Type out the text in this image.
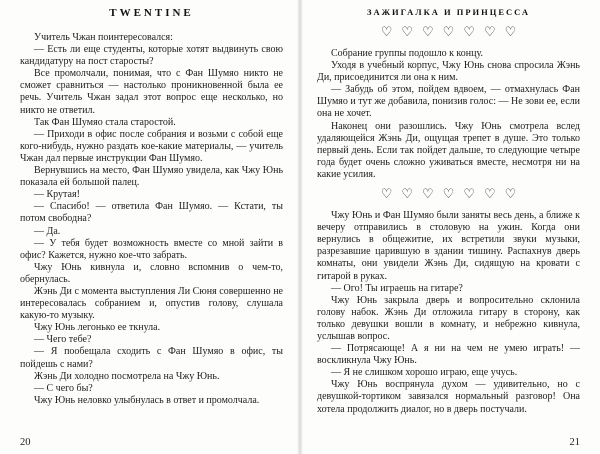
TWENTINE

Учитель Чжан поинтересовался:

— Есть ли еще студенты, которые хотят выдвинуть свою кандидатуру на пост старосты?

Все промолчали, понимая, что с Фан Шумяо никто не сможет сравниться — настолько проникновенной была ее речь. Учитель Чжан задал этот вопрос еще несколько, но никто не ответил.

Так Фан Шумяо стала старостой.

— Приходи в офис после собрания и возьми с собой еще кого-нибудь, нужно раздать кое-какие материалы, — учитель Чжан дал первые инструкции Фан Шумяо.

Вернувшись на место, Фан Шумяо увидела, как Чжу Юнь показала ей большой палец.

— Крутая!

— Спасибо! — ответила Фан Шумяо. — Кстати, ты потом свободна?

— Да.

— У тебя будет возможность вместе со мной зайти в офис? Кажется, нужно кое-что забрать.

Чжу Юнь кивнула и, словно вспомнив о чем-то, обернулась.

Жэнь Ди с момента выступления Ли Сюня совершенно не интересовалась собранием и, опустив голову, слушала какую-то музыку.

Чжу Юнь легонько ее ткнула.

— Чего тебе?

— Я пообещала сходить с Фан Шумяо в офис, ты пойдешь с нами?

Жэнь Ди холодно посмотрела на Чжу Юнь.

— С чего бы?

Чжу Юнь неловко улыбнулась в ответ и промолчала.

20
ЗАЖИГАЛКА И ПРИНЦЕССА
♡♡♡♡♡♡♡

Собрание группы подошло к концу.

Уходя в учебный корпус, Чжу Юнь снова спросила Жэнь Ди, присоединится ли она к ним.

— Забудь об этом, пойдем вдвоем, — отмахнулась Фан Шумяо и тут же добавила, понизив голос: — Не зови ее, если она не хочет.

Наконец они разошлись. Чжу Юнь смотрела вслед удаляющейся Жэнь Ди, ощущая трепет в душе. Это только первый день. Если так пойдет дальше, то следующие четыре года будет очень сложно уживаться вместе, несмотря ни на какие усилия.

♡♡♡♡♡♡♡

Чжу Юнь и Фан Шумяо были заняты весь день, а ближе к вечеру отправились в столовую на ужин. Когда они вернулись в общежитие, их встретили звуки музыки, разрезавшие царившую в здании тишину. Распахнув дверь комнаты, они увидели Жэнь Ди, сидящую на кровати с гитарой в руках.

— Ого! Ты играешь на гитаре?

Чжу Юнь закрыла дверь и вопросительно склонила голову набок. Жэнь Ди отложила гитару в сторону, как только девушки вошли в комнату, и небрежно кивнула, услышав вопрос.

— Потрясающе! А я ни на чем не умею играть! — воскликнула Чжу Юнь.

— Я не слишком хорошо играю, еще учусь.

Чжу Юнь воспрянула духом — удивительно, но с девушкой-тортиком завязался нормальный разговор! Она хотела продолжить диалог, но в дверь постучали.

21
